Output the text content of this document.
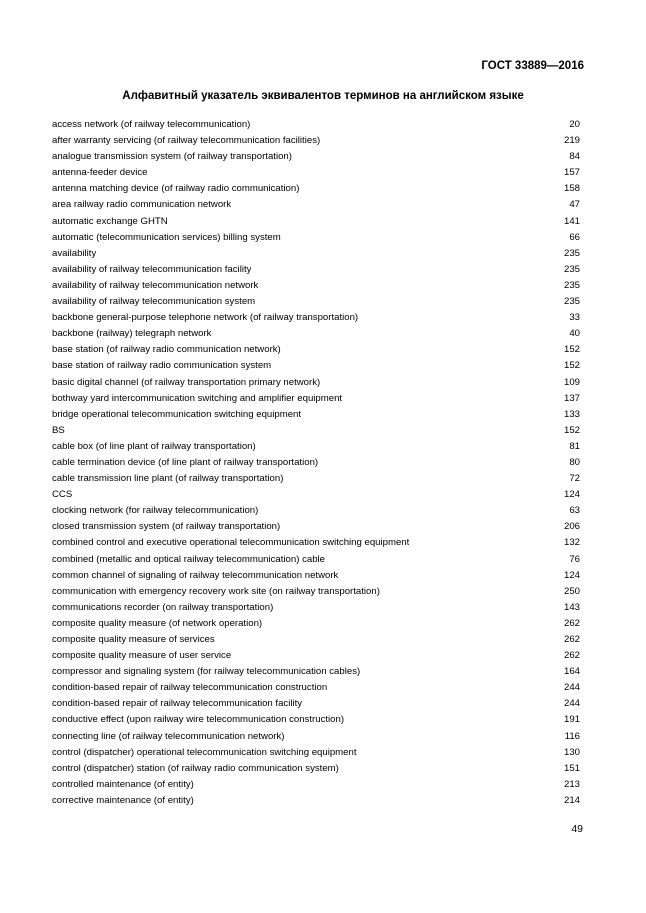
ГОСТ 33889—2016
Алфавитный указатель эквивалентов терминов на английском языке
access network (of railway telecommunication)	20
after warranty servicing (of railway telecommunication facilities)	219
analogue transmission system (of railway transportation)	84
antenna-feeder device	157
antenna matching device (of railway radio communication)	158
area railway radio communication network	47
automatic exchange GHTN	141
automatic (telecommunication services) billing system	66
availability	235
availability of railway telecommunication facility	235
availability of railway telecommunication network	235
availability of railway telecommunication system	235
backbone general-purpose telephone network (of railway transportation)	33
backbone (railway) telegraph network	40
base station (of railway radio communication network)	152
base station of railway radio communication system	152
basic digital channel (of railway transportation primary network)	109
bothway yard intercommunication switching and amplifier equipment	137
bridge operational telecommunication switching equipment	133
BS	152
cable box (of line plant of railway transportation)	81
cable termination device (of line plant of railway transportation)	80
cable transmission line plant (of railway transportation)	72
CCS	124
clocking network (for railway telecommunication)	63
closed transmission system (of railway transportation)	206
combined control and executive operational telecommunication switching equipment	132
combined (metallic and optical railway telecommunication) cable	76
common channel of signaling of railway telecommunication network	124
communication with emergency recovery work site (on railway transportation)	250
communications recorder (on railway transportation)	143
composite quality measure (of network operation)	262
composite quality measure of services	262
composite quality measure of user service	262
compressor and signaling system (for railway telecommunication cables)	164
condition-based repair of railway telecommunication construction	244
condition-based repair of railway telecommunication facility	244
conductive effect (upon railway wire telecommunication construction)	191
connecting line (of railway telecommunication network)	116
control (dispatcher) operational telecommunication switching equipment	130
control (dispatcher) station (of railway radio communication system)	151
controlled maintenance (of entity)	213
corrective maintenance (of entity)	214
49
